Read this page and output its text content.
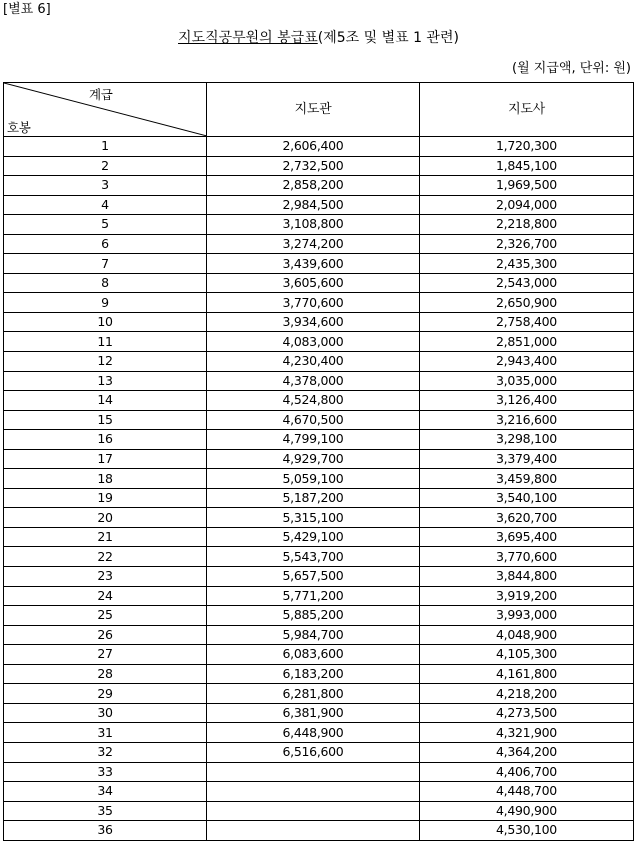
[별표 6]
지도직공무원의 봉급표(제5조 및 별표 1 관련)
(월 지급액, 단위: 원)
계급
호봉	지도관	지도사
1	2,606,400	1,720,300
2	2,732,500	1,845,100
3	2,858,200	1,969,500
4	2,984,500	2,094,000
5	3,108,800	2,218,800
6	3,274,200	2,326,700
7	3,439,600	2,435,300
8	3,605,600	2,543,000
9	3,770,600	2,650,900
10	3,934,600	2,758,400
11	4,083,000	2,851,000
12	4,230,400	2,943,400
13	4,378,000	3,035,000
14	4,524,800	3,126,400
15	4,670,500	3,216,600
16	4,799,100	3,298,100
17	4,929,700	3,379,400
18	5,059,100	3,459,800
19	5,187,200	3,540,100
20	5,315,100	3,620,700
21	5,429,100	3,695,400
22	5,543,700	3,770,600
23	5,657,500	3,844,800
24	5,771,200	3,919,200
25	5,885,200	3,993,000
26	5,984,700	4,048,900
27	6,083,600	4,105,300
28	6,183,200	4,161,800
29	6,281,800	4,218,200
30	6,381,900	4,273,500
31	6,448,900	4,321,900
32	6,516,600	4,364,200
33		4,406,700
34		4,448,700
35		4,490,900
36		4,530,100
